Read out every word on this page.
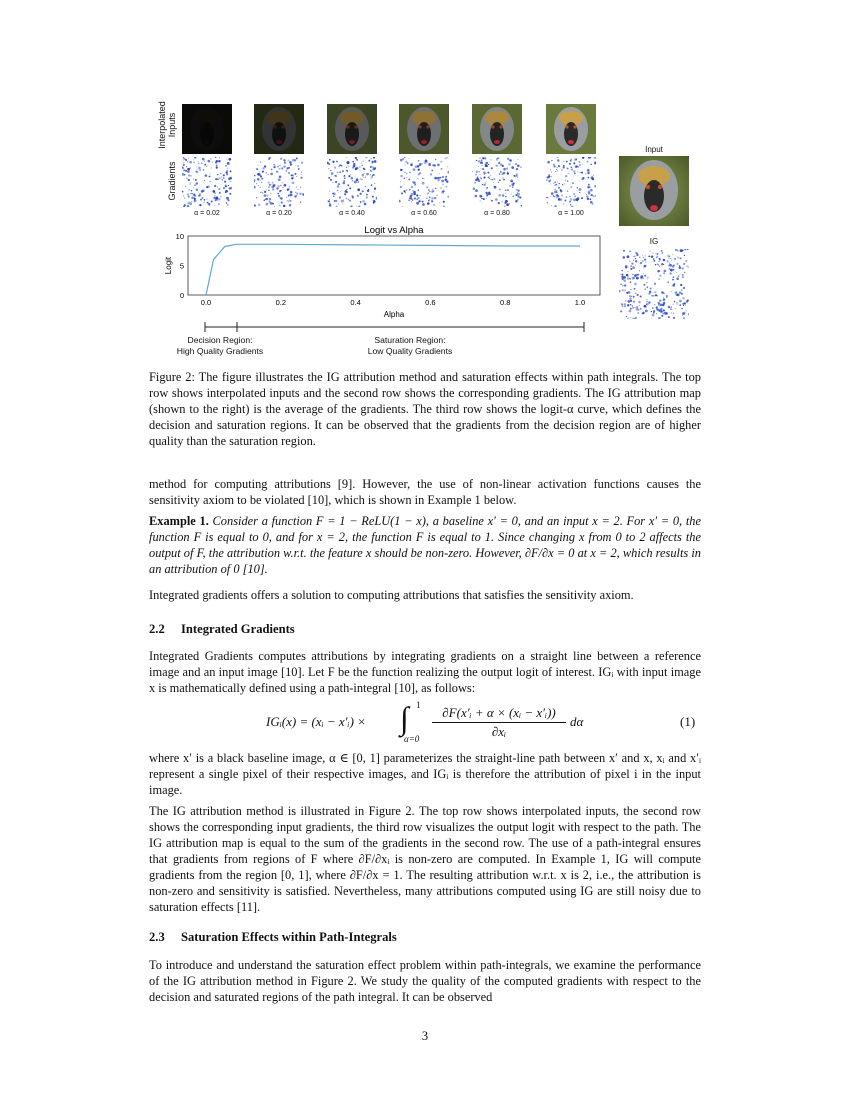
Interpolated Inputs
Gradients
Input
IG
Logit vs Alpha
0.0	0.2	0.4	0.6	0.8	1.0
0
5
10
Alpha
Logit
Decision Region:
High Quality Gradients
Saturation Region:
Low Quality Gradients
α = 0.02	α = 0.20	α = 0.40	α = 0.60	α = 0.80	α = 1.00
Figure 2: The figure illustrates the IG attribution method and saturation effects within path integrals. The top row shows interpolated inputs and the second row shows the corresponding gradients. The IG attribution map (shown to the right) is the average of the gradients. The third row shows the logit-α curve, which defines the decision and saturation regions. It can be observed that the gradients from the decision region are of higher quality than the saturation region.
method for computing attributions [9]. However, the use of non-linear activation functions causes the sensitivity axiom to be violated [10], which is shown in Example 1 below.
Example 1. Consider a function F = 1 − ReLU(1 − x), a baseline x′ = 0, and an input x = 2. For x′ = 0, the function F is equal to 0, and for x = 2, the function F is equal to 1. Since changing x from 0 to 2 affects the output of F, the attribution w.r.t. the feature x should be non-zero. However, ∂F/∂x = 0 at x = 2, which results in an attribution of 0 [10].
Integrated gradients offers a solution to computing attributions that satisfies the sensitivity axiom.
2.2 Integrated Gradients
Integrated Gradients computes attributions by integrating gradients on a straight line between a reference image and an input image [10]. Let F be the function realizing the output logit of interest. IGᵢ with input image x is mathematically defined using a path-integral [10], as follows:
IGᵢ(x) = (xᵢ − x′ᵢ) × ∫ 1
α=0
∂F(x′ᵢ + α × (xᵢ − x′ᵢ))
∂xᵢ
dα	(1)
where x′ is a black baseline image, α ∈ [0, 1] parameterizes the straight-line path between x′ and x, xᵢ and x′ᵢ represent a single pixel of their respective images, and IGᵢ is therefore the attribution of pixel i in the input image.
The IG attribution method is illustrated in Figure 2. The top row shows interpolated inputs, the second row shows the corresponding input gradients, the third row visualizes the output logit with respect to the path. The IG attribution map is equal to the sum of the gradients in the second row. The use of a path-integral ensures that gradients from regions of F where ∂F/∂xᵢ is non-zero are computed. In Example 1, IG will compute gradients from the region [0, 1], where ∂F/∂x = 1. The resulting attribution w.r.t. x is 2, i.e., the attribution is non-zero and sensitivity is satisfied. Nevertheless, many attributions computed using IG are still noisy due to saturation effects [11].
2.3 Saturation Effects within Path-Integrals
To introduce and understand the saturation effect problem within path-integrals, we examine the performance of the IG attribution method in Figure 2. We study the quality of the computed gradients with respect to the decision and saturated regions of the path integral. It can be observed
3
